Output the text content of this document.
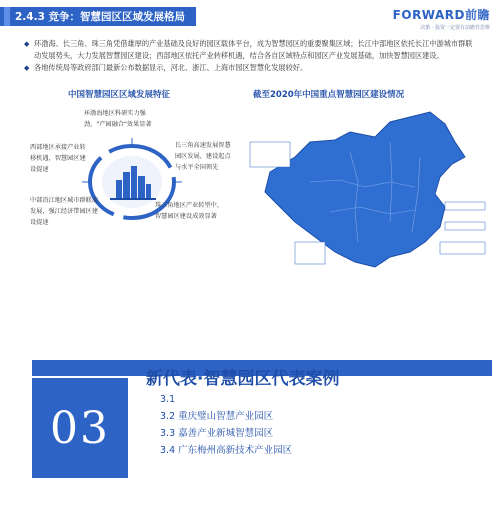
2.4.3 竞争：智慧园区区域发展格局	FORWARD前瞻
决策 · 投资一定要有前瞻性思维
◆ 环渤海、长三角、珠三角凭借雄厚的产业基础及良好的园区载体平台，成为智慧园区的重要聚集区域；长江中部地区依托长江中游城市群联动发展势头，大力发展智慧园区建设；西部地区依托产业转移机遇，结合各自区域特点和园区产业发展基础，加快智慧园区建设。
◆ 各地传统局等政府部门最新公布数据显示，河北、浙江、上海市园区智慧化发展较好。
中国智慧园区区域发展特征	截至2020年中国重点智慧园区建设情况
环渤海地区科研实力强劲，"产园融合"效果显著
长三角高速发展智慧园区发展，建设起点与水平全国领先
西部地区承接产业转移机遇，智慧园区建设提速
中部沿江地区城市群联动发展，强江经济带园区建设提速
珠三角地区产业转型中，智慧园区建设成效显著
03
新代表·智慧园区代表案例
3.1
3.2 重庆璧山智慧产业园区
3.3 嘉善产业新城智慧园区
3.4 广东梅州高新技术产业园区
